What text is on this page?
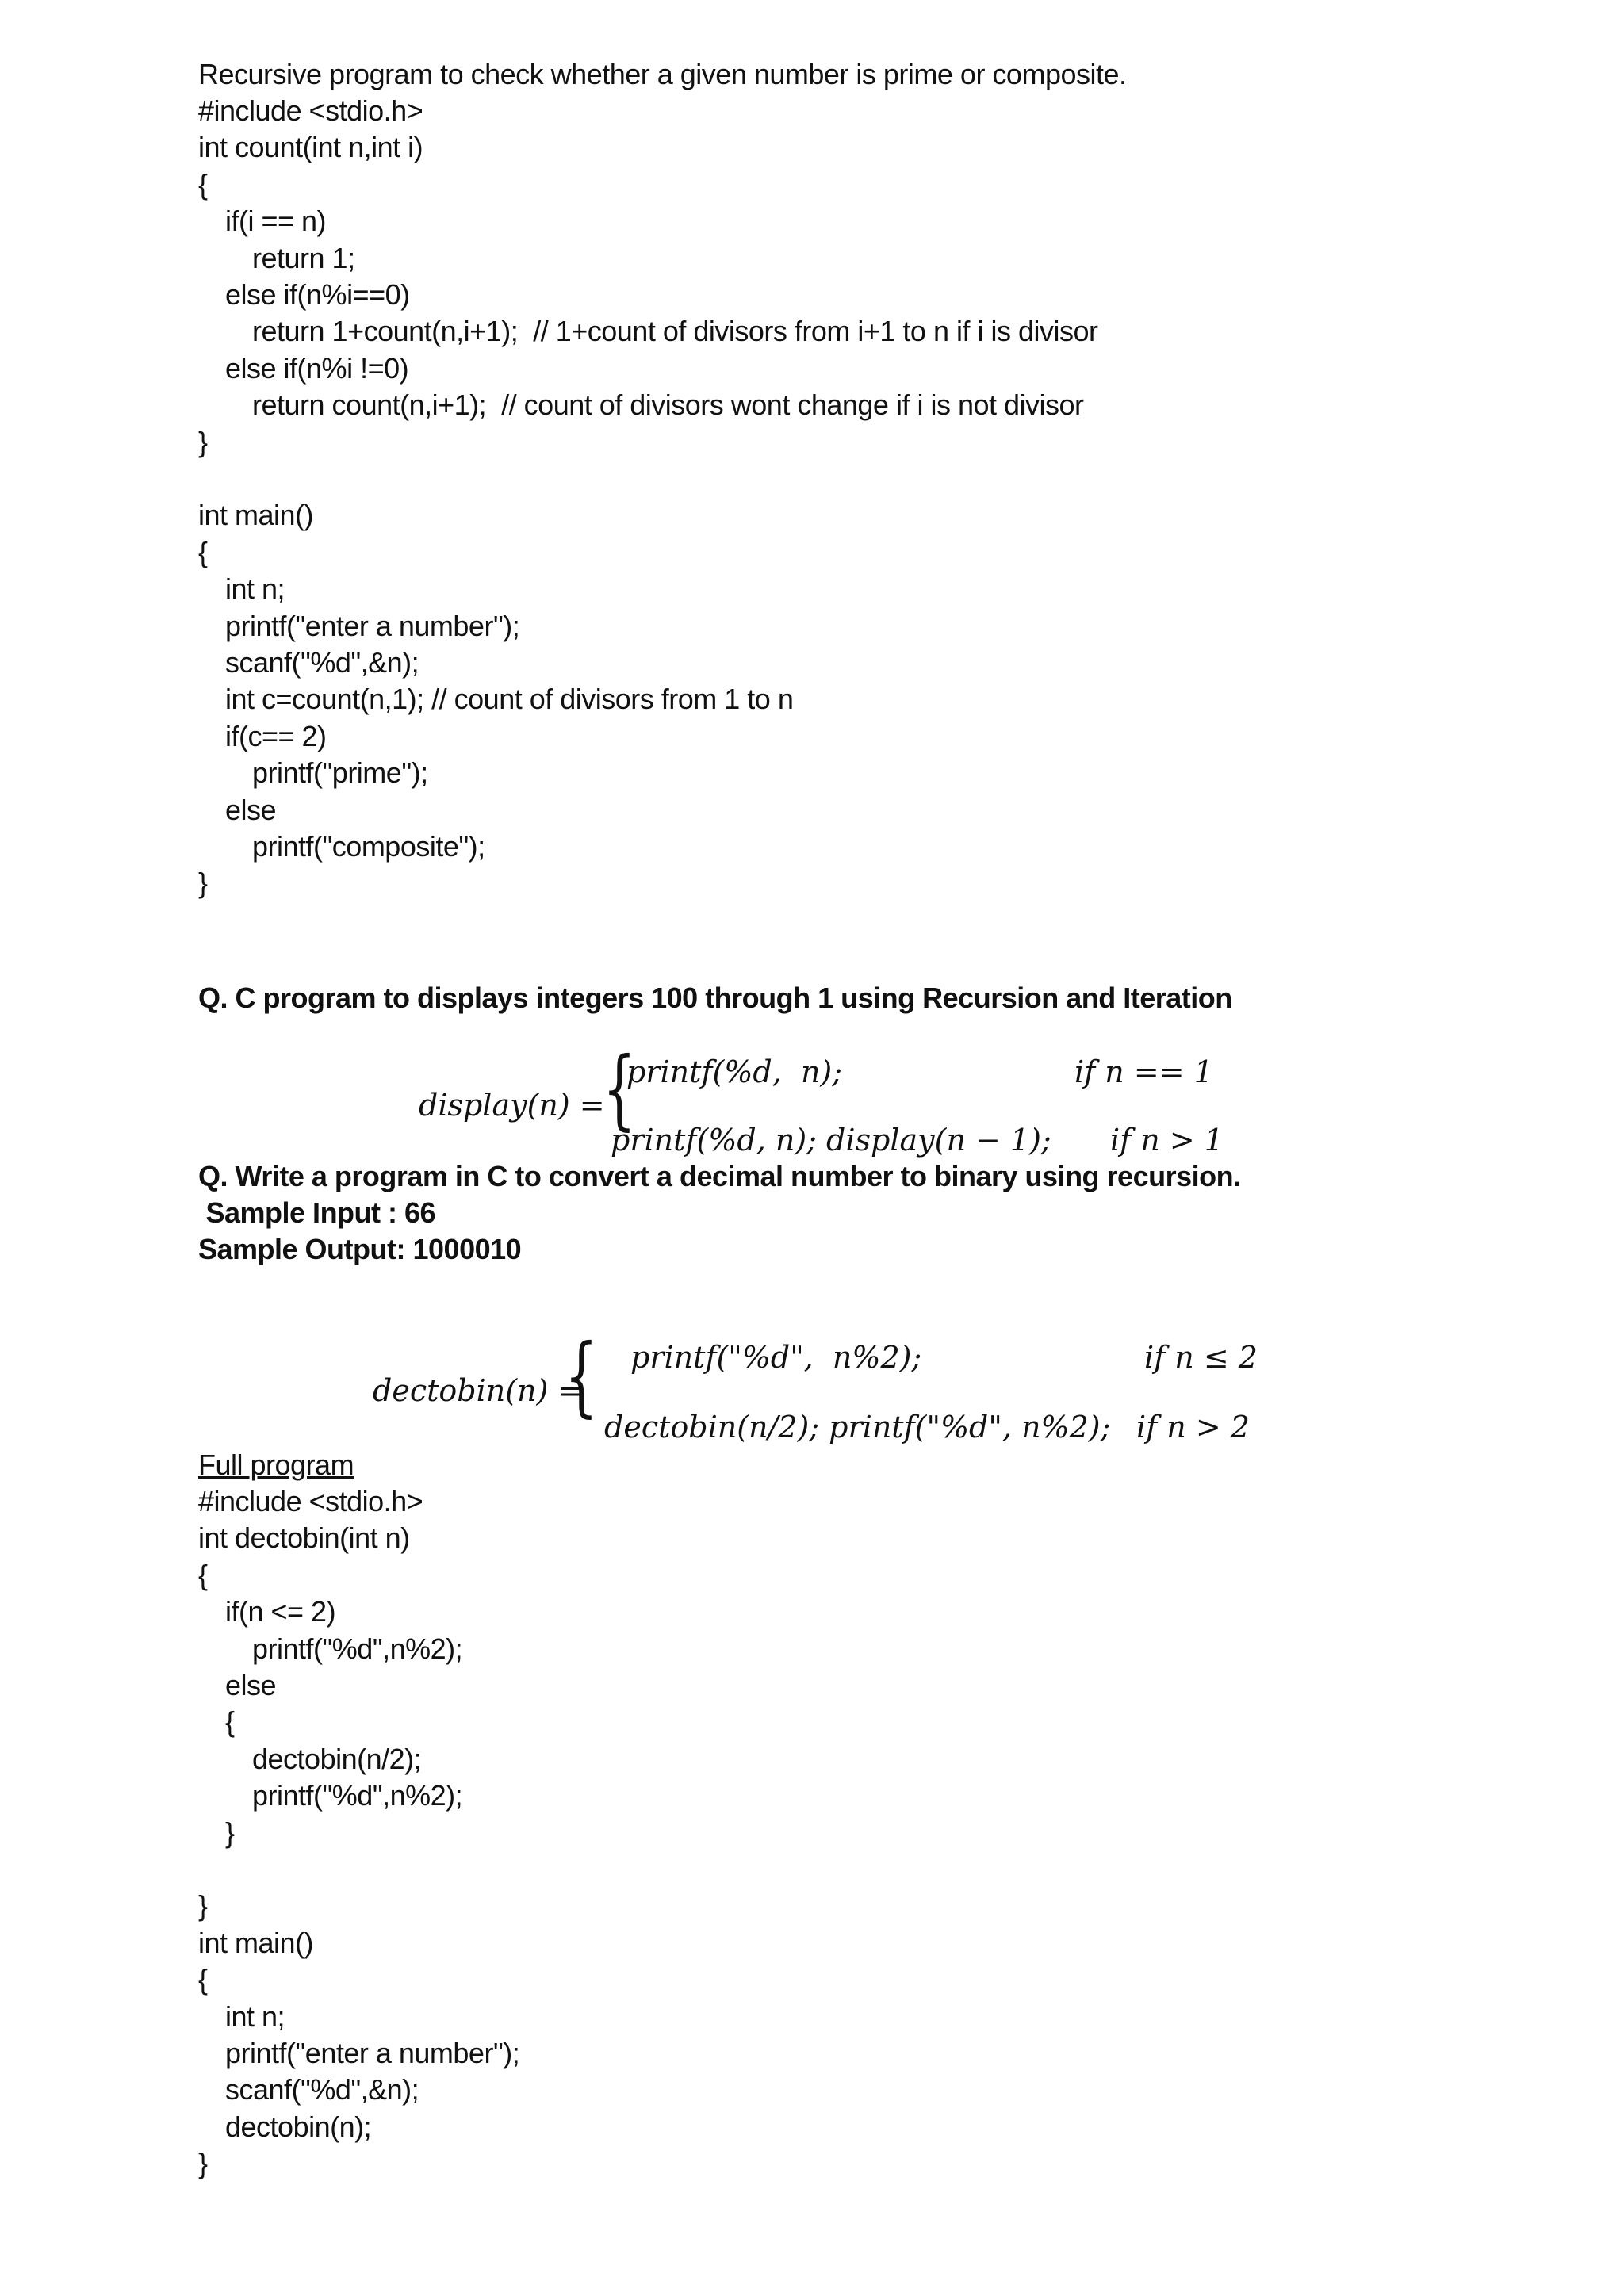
Recursive program to check whether a given number is prime or composite.
#include <stdio.h>
int count(int n,int i)
{
if(i == n)
return 1;
else if(n%i==0)
return 1+count(n,i+1);  // 1+count of divisors from i+1 to n if i is divisor
else if(n%i !=0)
return count(n,i+1);  // count of divisors wont change if i is not divisor
}
int main()
{
int n;
printf("enter a number");
scanf("%d",&n);
int c=count(n,1); // count of divisors from 1 to n
if(c== 2)
printf("prime");
else
printf("composite");
}
Q. C program to displays integers 100 through 1 using Recursion and Iteration
display(n) =
{
printf(%d,  n);	if n == 1
printf(%d, n); display(n − 1); if n > 1
Q. Write a program in C to convert a decimal number to binary using recursion.
Sample Input : 66
Sample Output: 1000010
dectobin(n) =
{ printf("%d",  n%2);	if n ≤ 2
dectobin(n/2); printf("%d", n%2); if n > 2
Full program
#include <stdio.h>
int dectobin(int n)
{
if(n <= 2)
printf("%d",n%2);
else
{
dectobin(n/2);
printf("%d",n%2);
}
}
int main()
{
int n;
printf("enter a number");
scanf("%d",&n);
dectobin(n);
}
